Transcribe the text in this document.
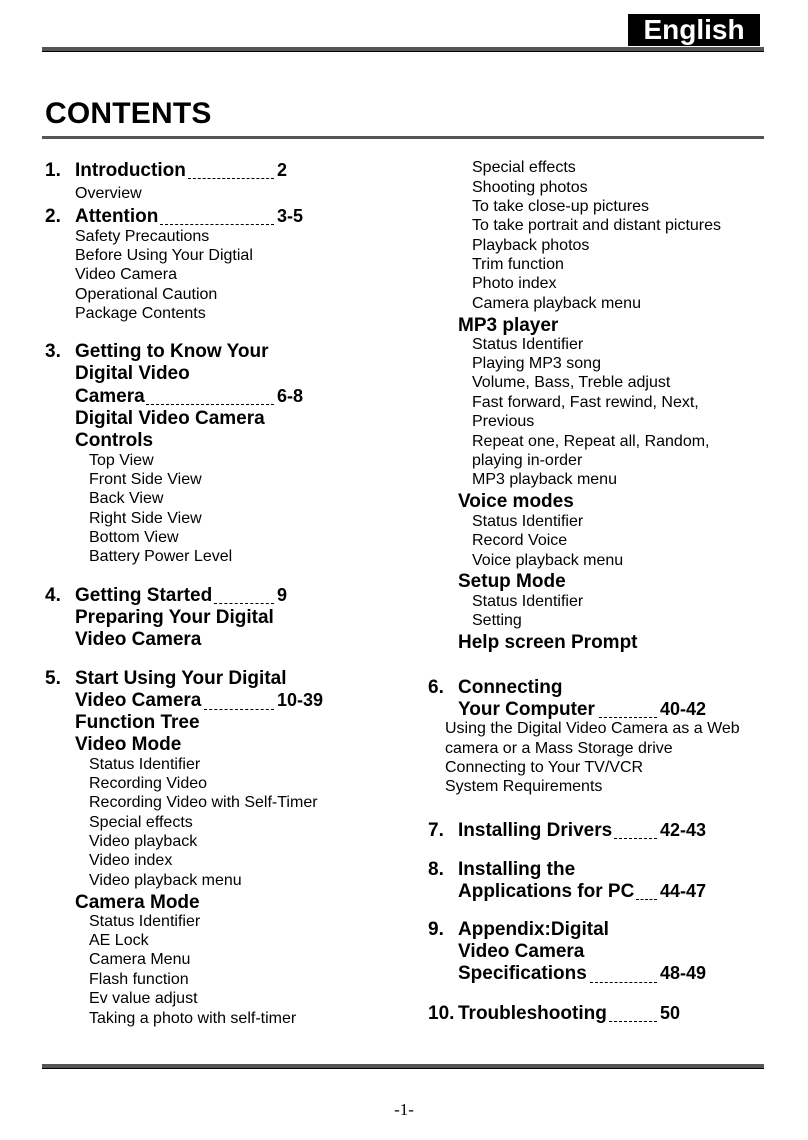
English
CONTENTS
1. Introduction	2
Overview
2. Attention	3-5
Safety Precautions
Before Using Your Digtial
Video Camera
Operational Caution
Package Contents
3. Getting to Know Your
Digital Video
Camera	6-8
Digital Video Camera
Controls
Top View
Front Side View
Back View
Right Side View
Bottom View
Battery Power Level
4. Getting Started	9
Preparing Your Digital
Video Camera
5. Start Using Your Digital
Video Camera	10-39
Function Tree
Video Mode
Status Identifier
Recording Video
Recording Video with Self-Timer
Special effects
Video playback
Video index
Video playback menu
Camera Mode
Status Identifier
AE Lock
Camera Menu
Flash function
Ev value adjust
Taking a photo with self-timer
Special effects
Shooting photos
To take close-up pictures
To take portrait and distant pictures
Playback photos
Trim function
Photo index
Camera playback menu
MP3 player
Status Identifier
Playing MP3 song
Volume, Bass, Treble adjust
Fast forward, Fast rewind, Next,
Previous
Repeat one, Repeat all, Random,
playing in-order
MP3 playback menu
Voice modes
Status Identifier
Record Voice
Voice playback menu
Setup Mode
Status Identifier
Setting
Help screen Prompt
6. Connecting
Your Computer	40-42
Using the Digital Video Camera as a Web
camera or a Mass Storage drive
Connecting to Your TV/VCR
System Requirements
7. Installing Drivers	42-43
8. Installing the
Applications for PC 44-47
9. Appendix:Digital
Video Camera
Specifications	48-49
10. Troubleshooting	50
-1-
